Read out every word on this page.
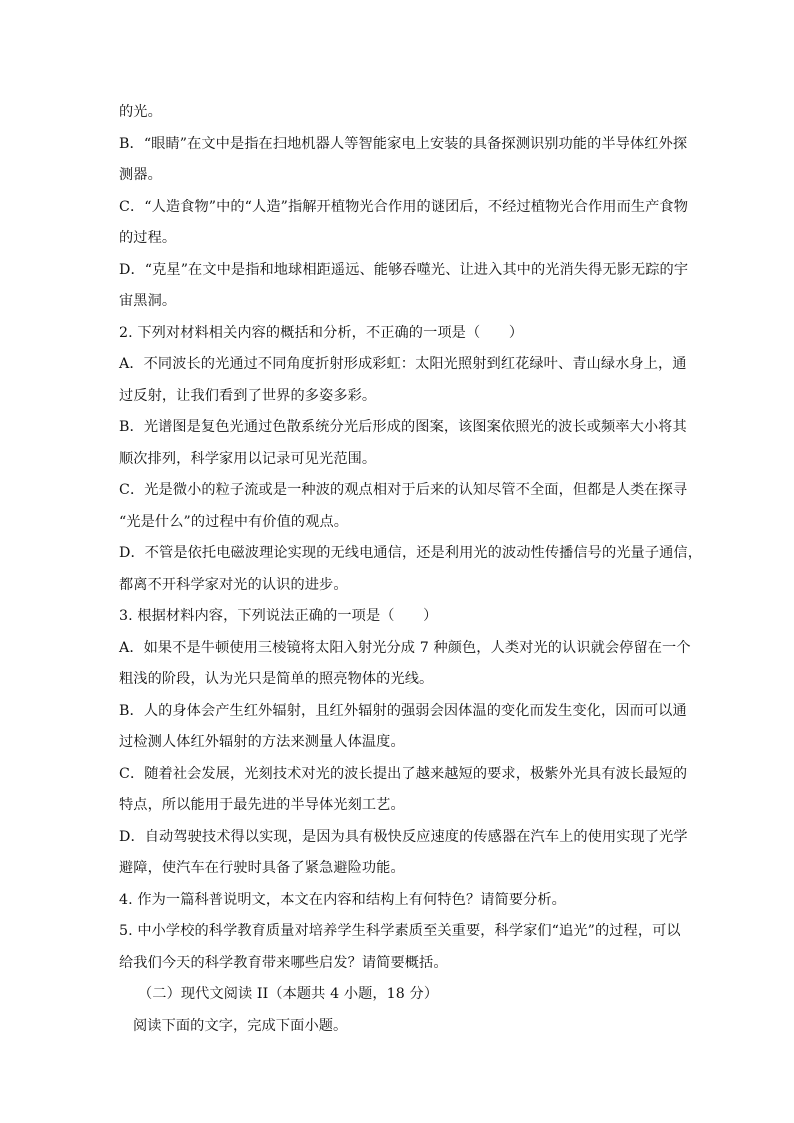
的光。
B．“眼睛”在文中是指在扫地机器人等智能家电上安装的具备探测识别功能的半导体红外探
测器。
C．“人造食物”中的“人造”指解开植物光合作用的谜团后，不经过植物光合作用而生产食物
的过程。
D．“克星”在文中是指和地球相距遥远、能够吞噬光、让进入其中的光消失得无影无踪的宇
宙黑洞。
2. 下列对材料相关内容的概括和分析，不正确的一项是（　　）
A．不同波长的光通过不同角度折射形成彩虹：太阳光照射到红花绿叶、青山绿水身上，通
过反射，让我们看到了世界的多姿多彩。
B．光谱图是复色光通过色散系统分光后形成的图案，该图案依照光的波长或频率大小将其
顺次排列，科学家用以记录可见光范围。
C．光是微小的粒子流或是一种波的观点相对于后来的认知尽管不全面，但都是人类在探寻
“光是什么”的过程中有价值的观点。
D．不管是依托电磁波理论实现的无线电通信，还是利用光的波动性传播信号的光量子通信，
都离不开科学家对光的认识的进步。
3. 根据材料内容，下列说法正确的一项是（　　）
A．如果不是牛顿使用三棱镜将太阳入射光分成 7 种颜色，人类对光的认识就会停留在一个
粗浅的阶段，认为光只是简单的照亮物体的光线。
B．人的身体会产生红外辐射，且红外辐射的强弱会因体温的变化而发生变化，因而可以通
过检测人体红外辐射的方法来测量人体温度。
C．随着社会发展，光刻技术对光的波长提出了越来越短的要求，极紫外光具有波长最短的
特点，所以能用于最先进的半导体光刻工艺。
D．自动驾驶技术得以实现，是因为具有极快反应速度的传感器在汽车上的使用实现了光学
避障，使汽车在行驶时具备了紧急避险功能。
4. 作为一篇科普说明文，本文在内容和结构上有何特色？请简要分析。
5. 中小学校的科学教育质量对培养学生科学素质至关重要，科学家们“追光”的过程，可以
给我们今天的科学教育带来哪些启发？请简要概括。
（二）现代文阅读 II（本题共 4 小题，18 分）
阅读下面的文字，完成下面小题。
